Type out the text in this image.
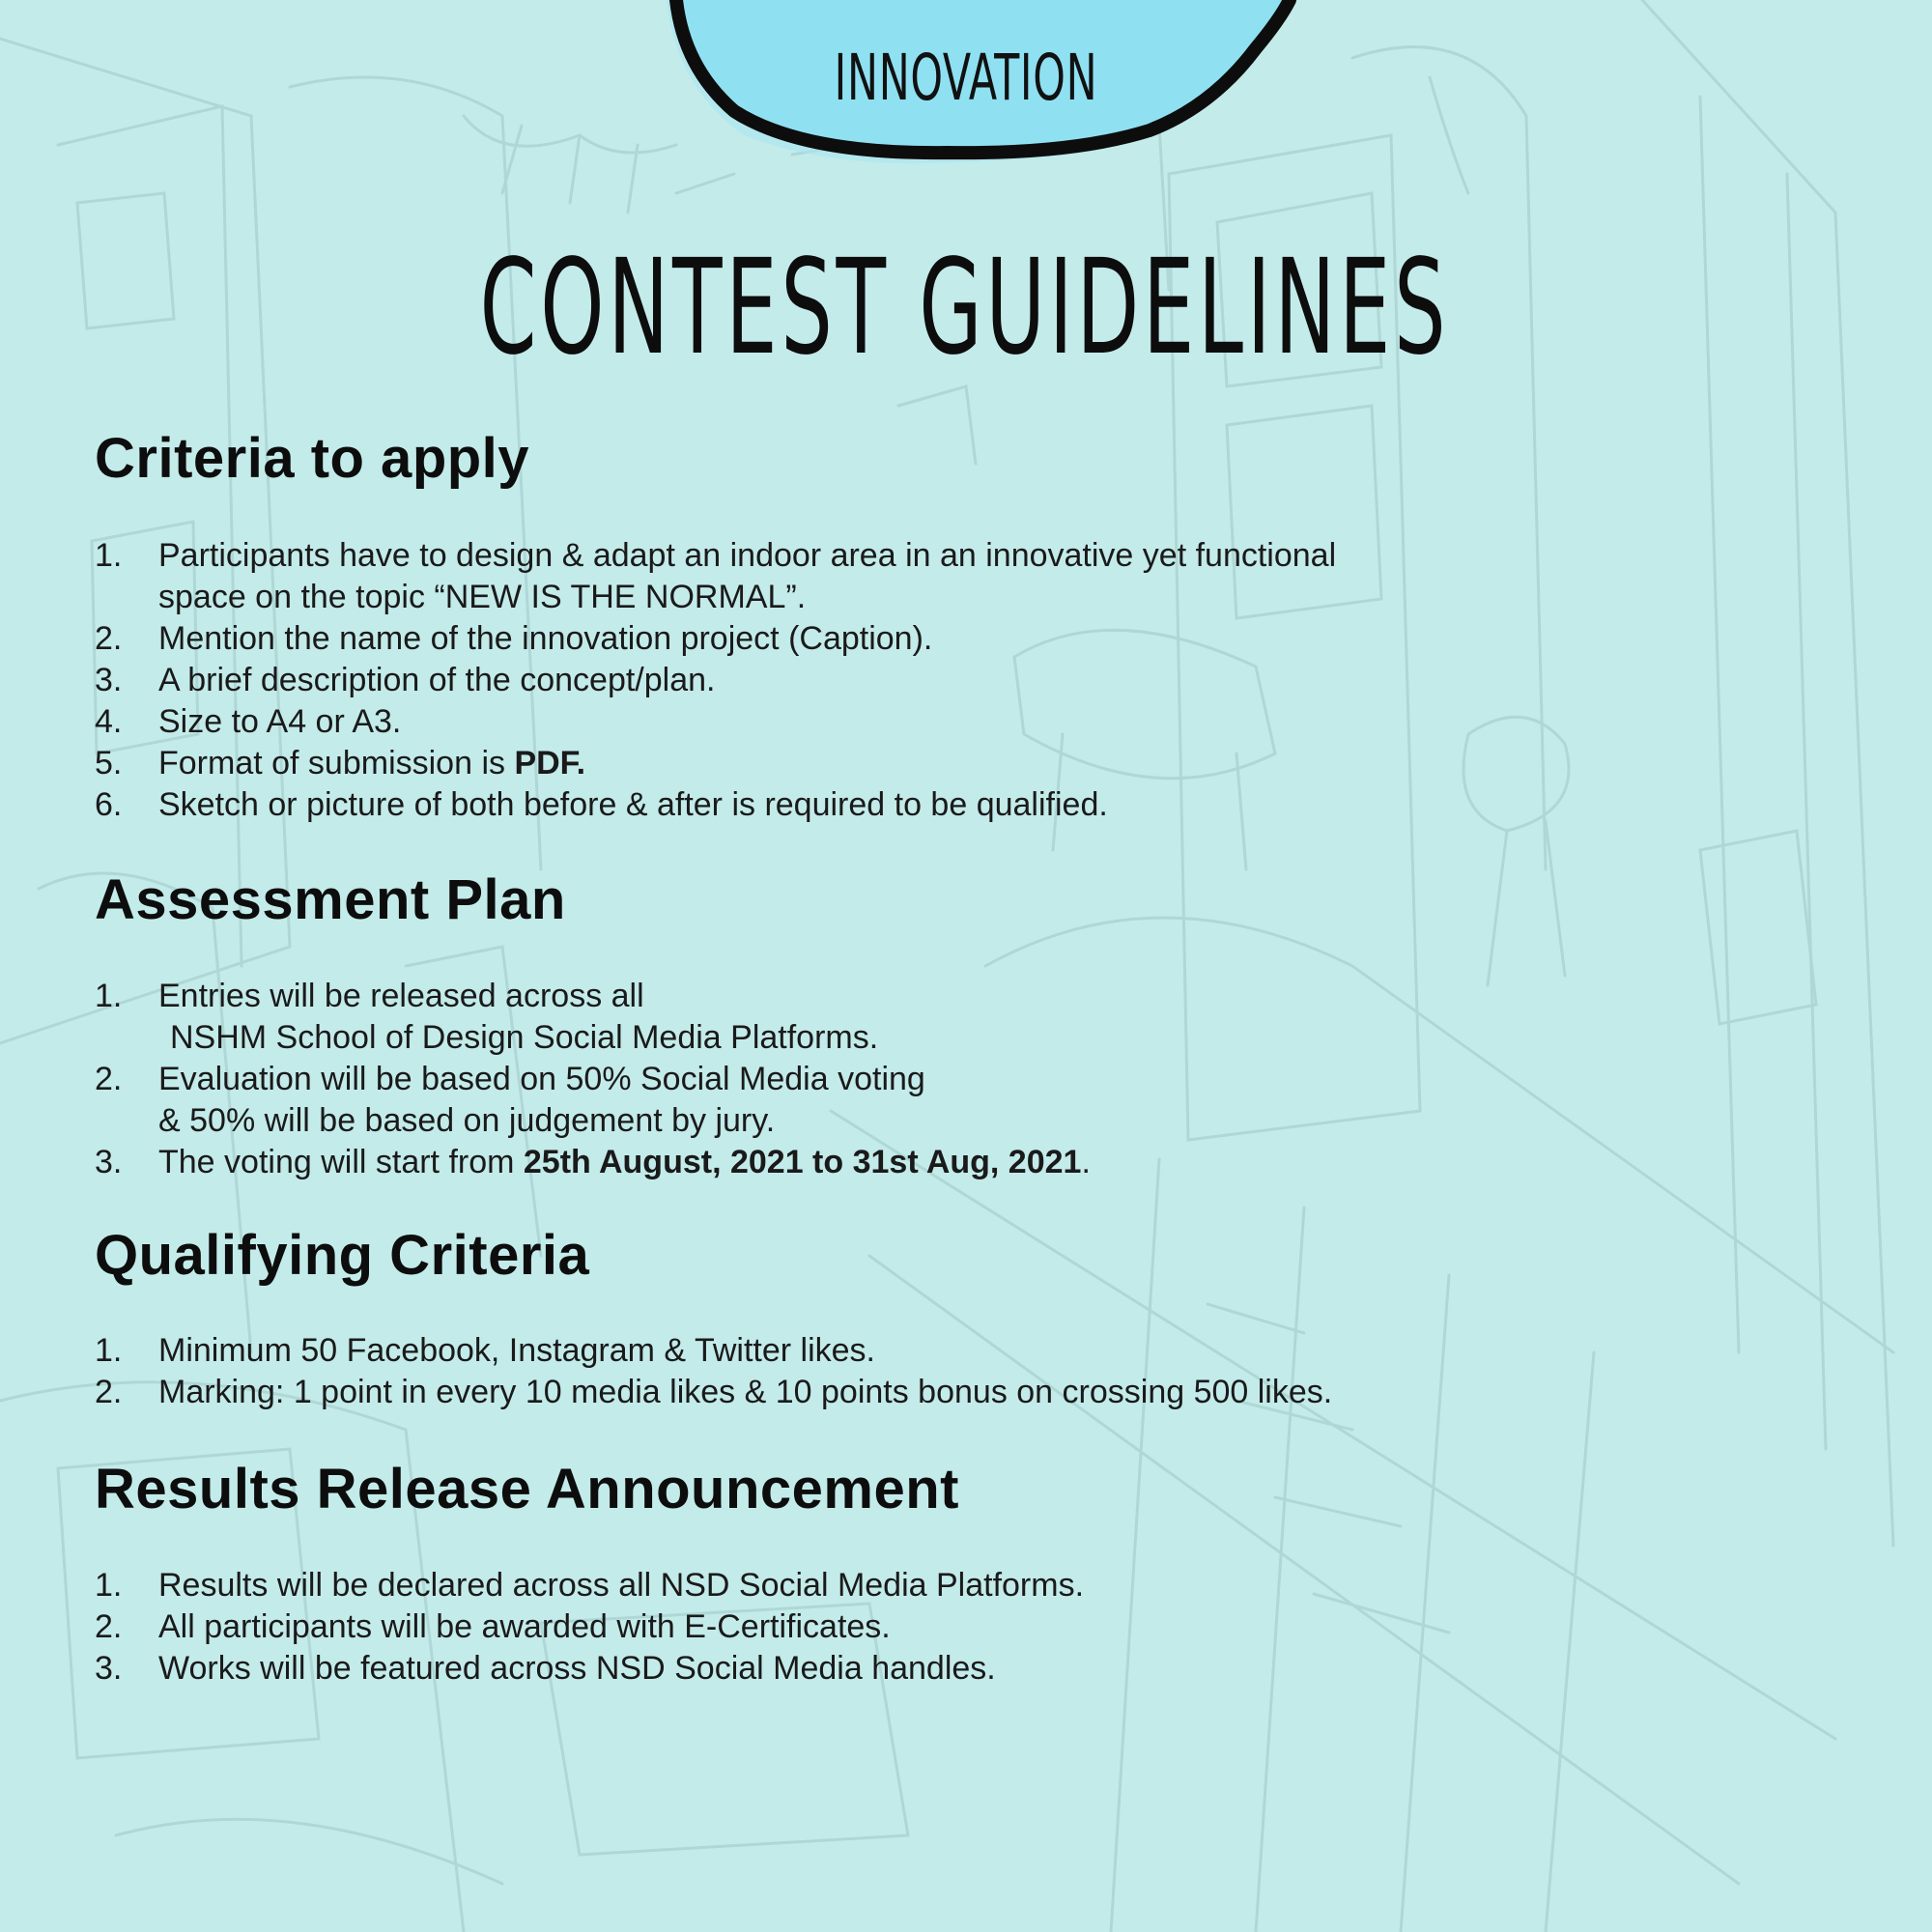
INNOVATION
CONTEST GUIDELINES
Criteria to apply
1.	Participants have to design & adapt an indoor area in an innovative yet functional
space on the topic “NEW IS THE NORMAL”.
2.	Mention the name of the innovation project (Caption).
3.	A brief description of the concept/plan.
4.	Size to A4 or A3.
5.	Format of submission is PDF.
6.	Sketch or picture of both before & after is required to be qualified.
Assessment Plan
1.	Entries will be released across all
NSHM School of Design Social Media Platforms.
2.	Evaluation will be based on 50% Social Media voting
& 50% will be based on judgement by jury.
3.	The voting will start from 25th August, 2021 to 31st Aug, 2021.
Qualifying Criteria
1.	Minimum 50 Facebook, Instagram & Twitter likes.
2.	Marking: 1 point in every 10 media likes & 10 points bonus on crossing 500 likes.
Results Release Announcement
1.	Results will be declared across all NSD Social Media Platforms.
2.	All participants will be awarded with E-Certificates.
3.	Works will be featured across NSD Social Media handles.
